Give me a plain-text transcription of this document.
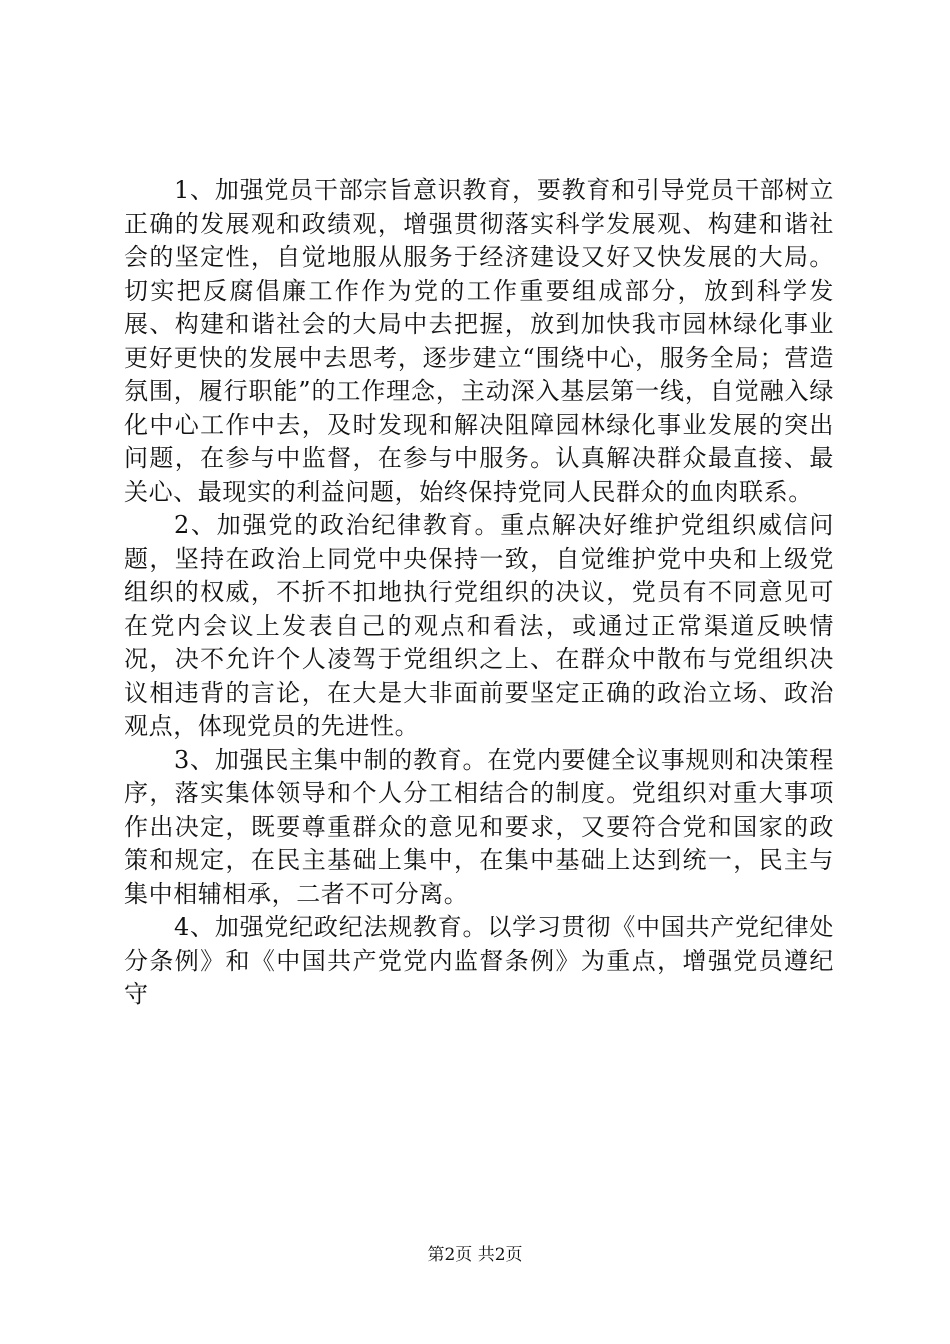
1、加强党员干部宗旨意识教育，要教育和引导党员干部树立正确的发展观和政绩观，增强贯彻落实科学发展观、构建和谐社会的坚定性，自觉地服从服务于经济建设又好又快发展的大局。切实把反腐倡廉工作作为党的工作重要组成部分，放到科学发展、构建和谐社会的大局中去把握，放到加快我市园林绿化事业更好更快的发展中去思考，逐步建立“围绕中心，服务全局；营造氛围，履行职能”的工作理念，主动深入基层第一线，自觉融入绿化中心工作中去，及时发现和解决阻障园林绿化事业发展的突出问题，在参与中监督，在参与中服务。认真解决群众最直接、最关心、最现实的利益问题，始终保持党同人民群众的血肉联系。

2、加强党的政治纪律教育。重点解决好维护党组织威信问题，坚持在政治上同党中央保持一致，自觉维护党中央和上级党组织的权威，不折不扣地执行党组织的决议，党员有不同意见可在党内会议上发表自己的观点和看法，或通过正常渠道反映情况，决不允许个人凌驾于党组织之上、在群众中散布与党组织决议相违背的言论，在大是大非面前要坚定正确的政治立场、政治观点，体现党员的先进性。

3、加强民主集中制的教育。在党内要健全议事规则和决策程序，落实集体领导和个人分工相结合的制度。党组织对重大事项作出决定，既要尊重群众的意见和要求，又要符合党和国家的政策和规定，在民主基础上集中，在集中基础上达到统一，民主与集中相辅相承，二者不可分离。

4、加强党纪政纪法规教育。以学习贯彻《中国共产党纪律处分条例》和《中国共产党党内监督条例》为重点，增强党员遵纪守

第2页 共2页
